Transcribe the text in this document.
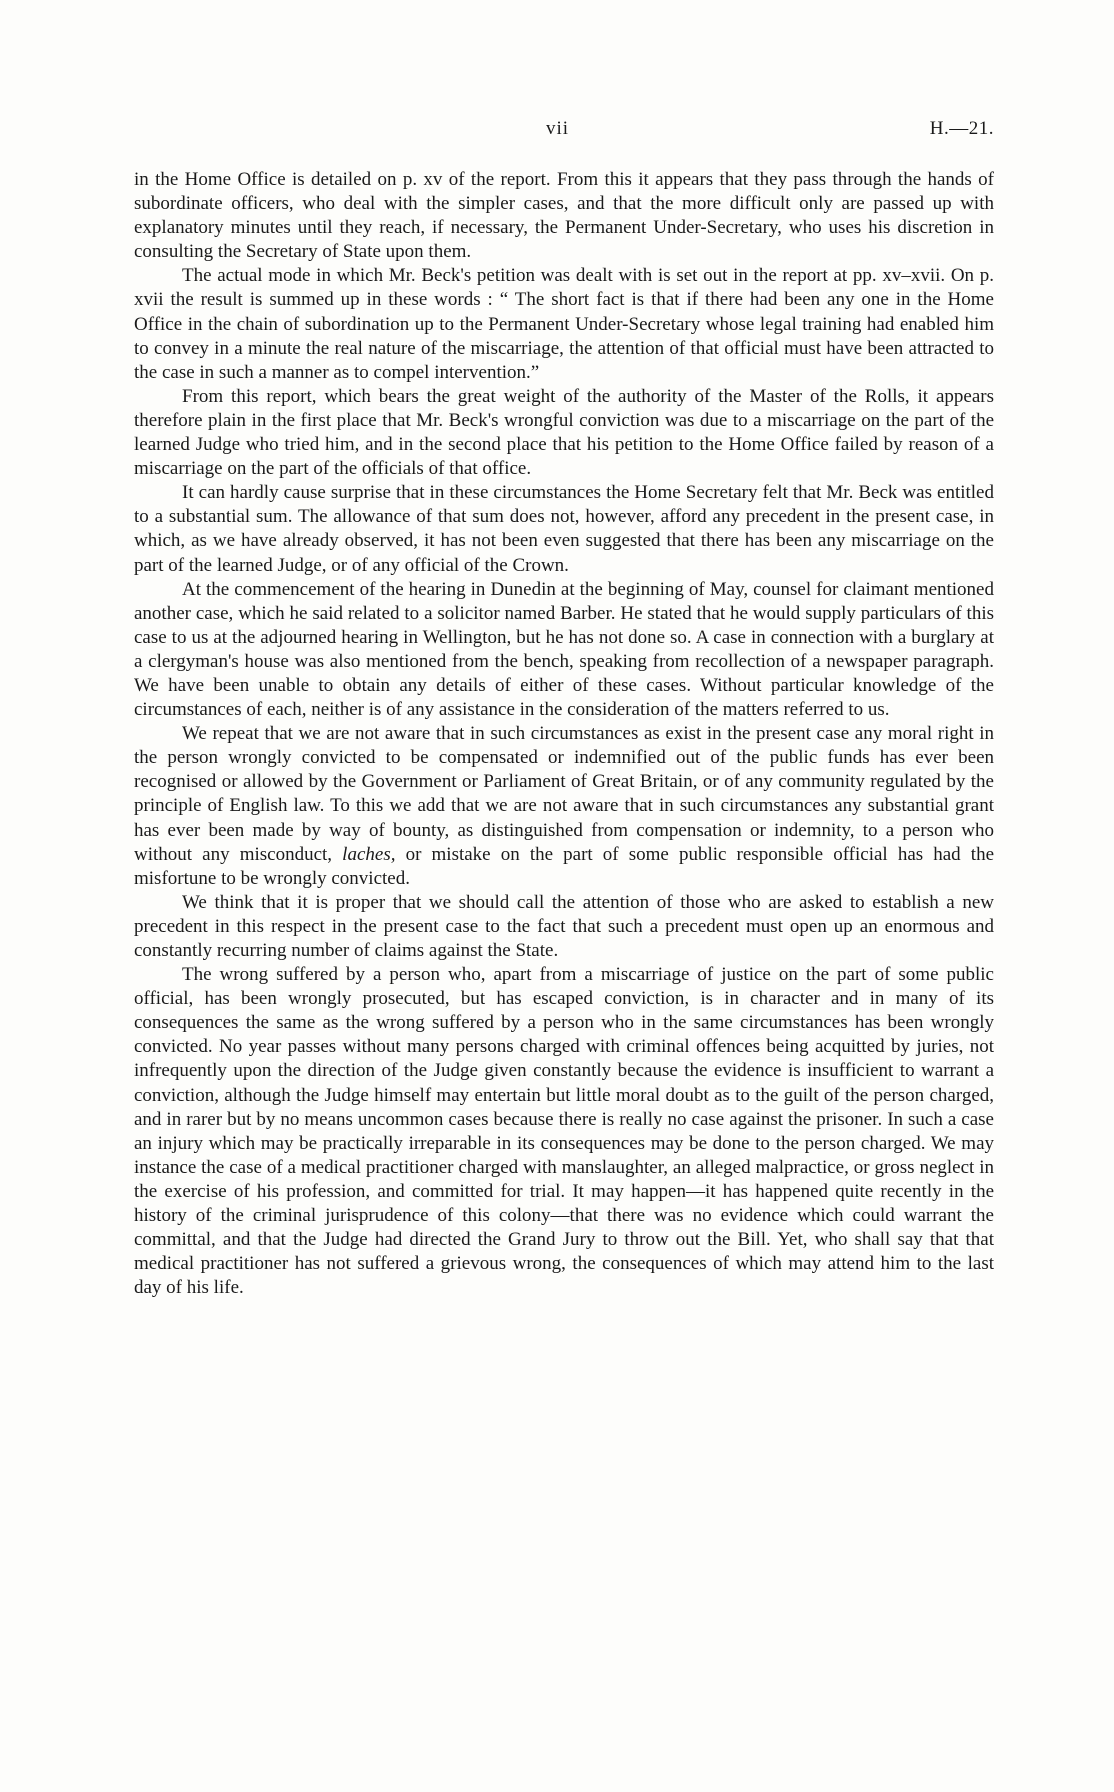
vii	H.—21.

in the Home Office is detailed on p. xv of the report. From this it appears that they pass through the hands of subordinate officers, who deal with the simpler cases, and that the more difficult only are passed up with explanatory minutes until they reach, if necessary, the Permanent Under-Secretary, who uses his discretion in consulting the Secretary of State upon them.

The actual mode in which Mr. Beck's petition was dealt with is set out in the report at pp. xv–xvii. On p. xvii the result is summed up in these words : “ The short fact is that if there had been any one in the Home Office in the chain of subordination up to the Permanent Under-Secretary whose legal training had enabled him to convey in a minute the real nature of the miscarriage, the attention of that official must have been attracted to the case in such a manner as to compel intervention.”

From this report, which bears the great weight of the authority of the Master of the Rolls, it appears therefore plain in the first place that Mr. Beck's wrongful conviction was due to a miscarriage on the part of the learned Judge who tried him, and in the second place that his petition to the Home Office failed by reason of a miscarriage on the part of the officials of that office.

It can hardly cause surprise that in these circumstances the Home Secretary felt that Mr. Beck was entitled to a substantial sum. The allowance of that sum does not, however, afford any precedent in the present case, in which, as we have already observed, it has not been even suggested that there has been any miscarriage on the part of the learned Judge, or of any official of the Crown.

At the commencement of the hearing in Dunedin at the beginning of May, counsel for claimant mentioned another case, which he said related to a solicitor named Barber. He stated that he would supply particulars of this case to us at the adjourned hearing in Wellington, but he has not done so. A case in connection with a burglary at a clergyman's house was also mentioned from the bench, speaking from recollection of a newspaper paragraph. We have been unable to obtain any details of either of these cases. Without particular knowledge of the circumstances of each, neither is of any assistance in the consideration of the matters referred to us.

We repeat that we are not aware that in such circumstances as exist in the present case any moral right in the person wrongly convicted to be compensated or indemnified out of the public funds has ever been recognised or allowed by the Government or Parliament of Great Britain, or of any community regulated by the principle of English law. To this we add that we are not aware that in such circumstances any substantial grant has ever been made by way of bounty, as distinguished from compensation or indemnity, to a person who without any misconduct, laches, or mistake on the part of some public responsible official has had the misfortune to be wrongly convicted.

We think that it is proper that we should call the attention of those who are asked to establish a new precedent in this respect in the present case to the fact that such a precedent must open up an enormous and constantly recurring number of claims against the State.

The wrong suffered by a person who, apart from a miscarriage of justice on the part of some public official, has been wrongly prosecuted, but has escaped conviction, is in character and in many of its consequences the same as the wrong suffered by a person who in the same circumstances has been wrongly convicted. No year passes without many persons charged with criminal offences being acquitted by juries, not infrequently upon the direction of the Judge given constantly because the evidence is insufficient to warrant a conviction, although the Judge himself may entertain but little moral doubt as to the guilt of the person charged, and in rarer but by no means uncommon cases because there is really no case against the prisoner. In such a case an injury which may be practically irreparable in its consequences may be done to the person charged. We may instance the case of a medical practitioner charged with manslaughter, an alleged malpractice, or gross neglect in the exercise of his profession, and committed for trial. It may happen—it has happened quite recently in the history of the criminal jurisprudence of this colony—that there was no evidence which could warrant the committal, and that the Judge had directed the Grand Jury to throw out the Bill. Yet, who shall say that that medical practitioner has not suffered a grievous wrong, the consequences of which may attend him to the last day of his life.
